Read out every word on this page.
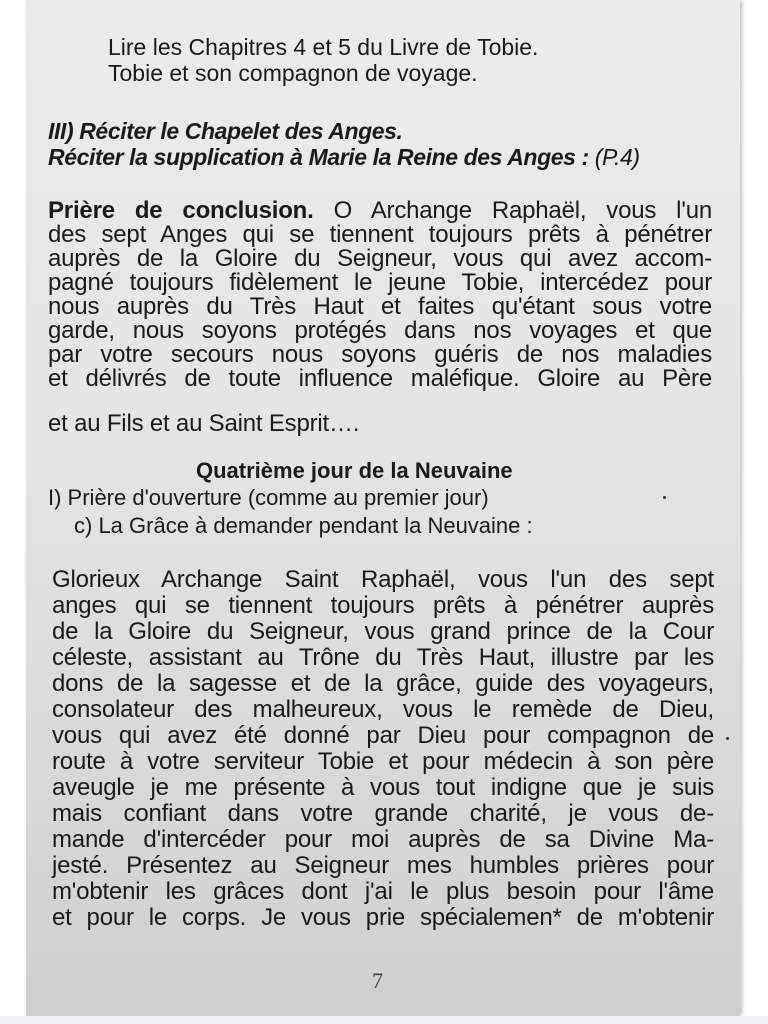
Lire les Chapitres 4 et 5 du Livre de Tobie.
Tobie et son compagnon de voyage.
III) Réciter le Chapelet des Anges.
Réciter la supplication à Marie la Reine des Anges : (P.4)
Prière de conclusion. O Archange Raphaël, vous l'un
des sept Anges qui se tiennent toujours prêts à pénétrer
auprès de la Gloire du Seigneur, vous qui avez accom-
pagné toujours fidèlement le jeune Tobie, intercédez pour
nous auprès du Très Haut et faites qu'étant sous votre
garde, nous soyons protégés dans nos voyages et que
par votre secours nous soyons guéris de nos maladies
et délivrés de toute influence maléfique. Gloire au Père
et au Fils et au Saint Esprit….
Quatrième jour de la Neuvaine
I) Prière d'ouverture (comme au premier jour)
c) La Grâce à demander pendant la Neuvaine :
Glorieux Archange Saint Raphaël, vous l'un des sept
anges qui se tiennent toujours prêts à pénétrer auprès
de la Gloire du Seigneur, vous grand prince de la Cour
céleste, assistant au Trône du Très Haut, illustre par les
dons de la sagesse et de la grâce, guide des voyageurs,
consolateur des malheureux, vous le remède de Dieu,
vous qui avez été donné par Dieu pour compagnon de
route à votre serviteur Tobie et pour médecin à son père
aveugle je me présente à vous tout indigne que je suis
mais confiant dans votre grande charité, je vous de-
mande d'intercéder pour moi auprès de sa Divine Ma-
jesté. Présentez au Seigneur mes humbles prières pour
m'obtenir les grâces dont j'ai le plus besoin pour l'âme
et pour le corps. Je vous prie spécialemen* de m'obtenir
7
